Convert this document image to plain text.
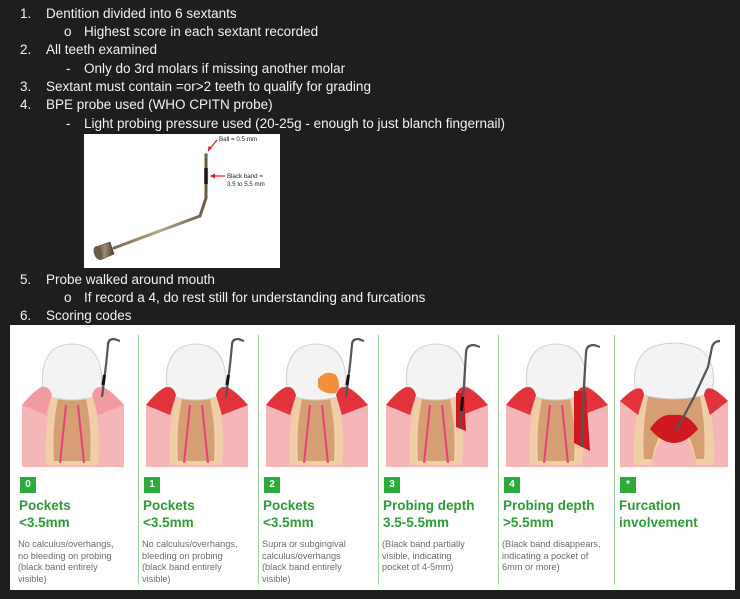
1.	Dentition divided into 6 sextants
o Highest score in each sextant recorded
2.	All teeth examined
- Only do 3rd molars if missing another molar
3.	Sextant must contain =or>2 teeth to qualify for grading
4.	BPE probe used (WHO CPITN probe)
- Light probing pressure used (20-25g - enough to just blanch fingernail)
5.	Probe walked around mouth
o If record a 4, do rest still for understanding and furcations
6.	Scoring codes
Ball = 0.5 mm
Black band =
3.5 to 5.5 mm
0
Pockets
<3.5mm
No calculus/overhangs,
no bleeding on probing
(black band entirely
visible)
1
Pockets
<3.5mm
No calculus/overhangs,
bleeding on probing
(black band entirely
visible)
2
Pockets
<3.5mm
Supra or subgingival
calculus/overhangs
(black band entirely
visible)
3
Probing depth
3.5-5.5mm
(Black band partially
visible, indicating
pocket of 4-5mm)
4
Probing depth
>5.5mm
(Black band disappears,
indicating a pocket of
6mm or more)
*
Furcation
involvement
